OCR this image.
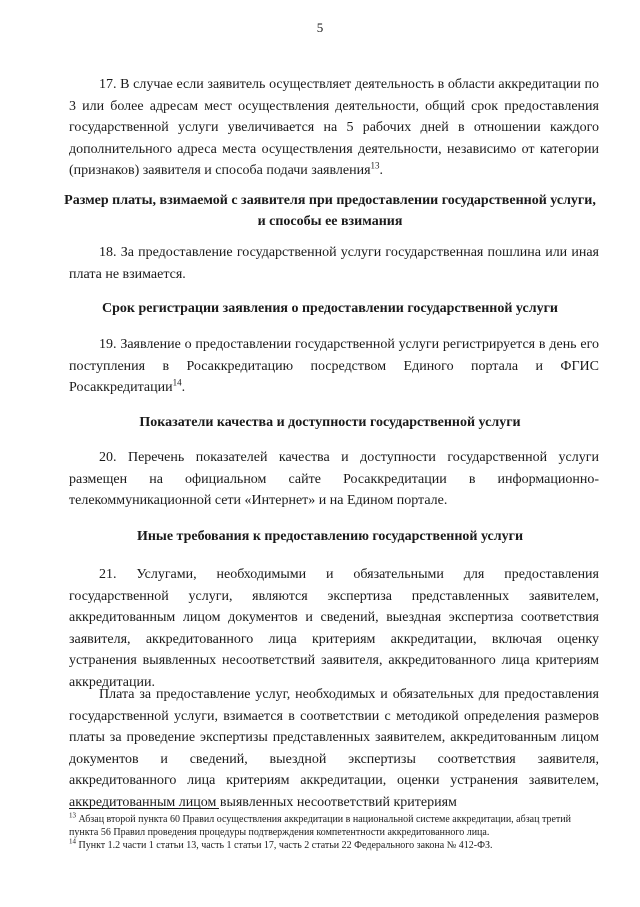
5

17. В случае если заявитель осуществляет деятельность в области аккредитации по 3 или более адресам мест осуществления деятельности, общий срок предоставления государственной услуги увеличивается на 5 рабочих дней в отношении каждого дополнительного адреса места осуществления деятельности, независимо от категории (признаков) заявителя и способа подачи заявления$^{13}$.

Размер платы, взимаемой с заявителя при предоставлении государственной услуги, и способы ее взимания

18. За предоставление государственной услуги государственная пошлина или иная плата не взимается.

Срок регистрации заявления о предоставлении государственной услуги

19. Заявление о предоставлении государственной услуги регистрируется в день его поступления в Росаккредитацию посредством Единого портала и ФГИС Росаккредитации$^{14}$.

Показатели качества и доступности государственной услуги

20. Перечень показателей качества и доступности государственной услуги размещен на официальном сайте Росаккредитации в информационно-телекоммуникационной сети «Интернет» и на Едином портале.

Иные требования к предоставлению государственной услуги

21. Услугами, необходимыми и обязательными для предоставления государственной услуги, являются экспертиза представленных заявителем, аккредитованным лицом документов и сведений, выездная экспертиза соответствия заявителя, аккредитованного лица критериям аккредитации, включая оценку устранения выявленных несоответствий заявителя, аккредитованного лица критериям аккредитации.

Плата за предоставление услуг, необходимых и обязательных для предоставления государственной услуги, взимается в соответствии с методикой определения размеров платы за проведение экспертизы представленных заявителем, аккредитованным лицом документов и сведений, выездной экспертизы соответствия заявителя, аккредитованного лица критериям аккредитации, оценки устранения заявителем, аккредитованным лицом выявленных несоответствий критериям

$^{13}$ Абзац второй пункта 60 Правил осуществления аккредитации в национальной системе аккредитации, абзац третий пункта 56 Правил проведения процедуры подтверждения компетентности аккредитованного лица.

$^{14}$ Пункт 1.2 части 1 статьи 13, часть 1 статьи 17, часть 2 статьи 22 Федерального закона № 412-ФЗ.
